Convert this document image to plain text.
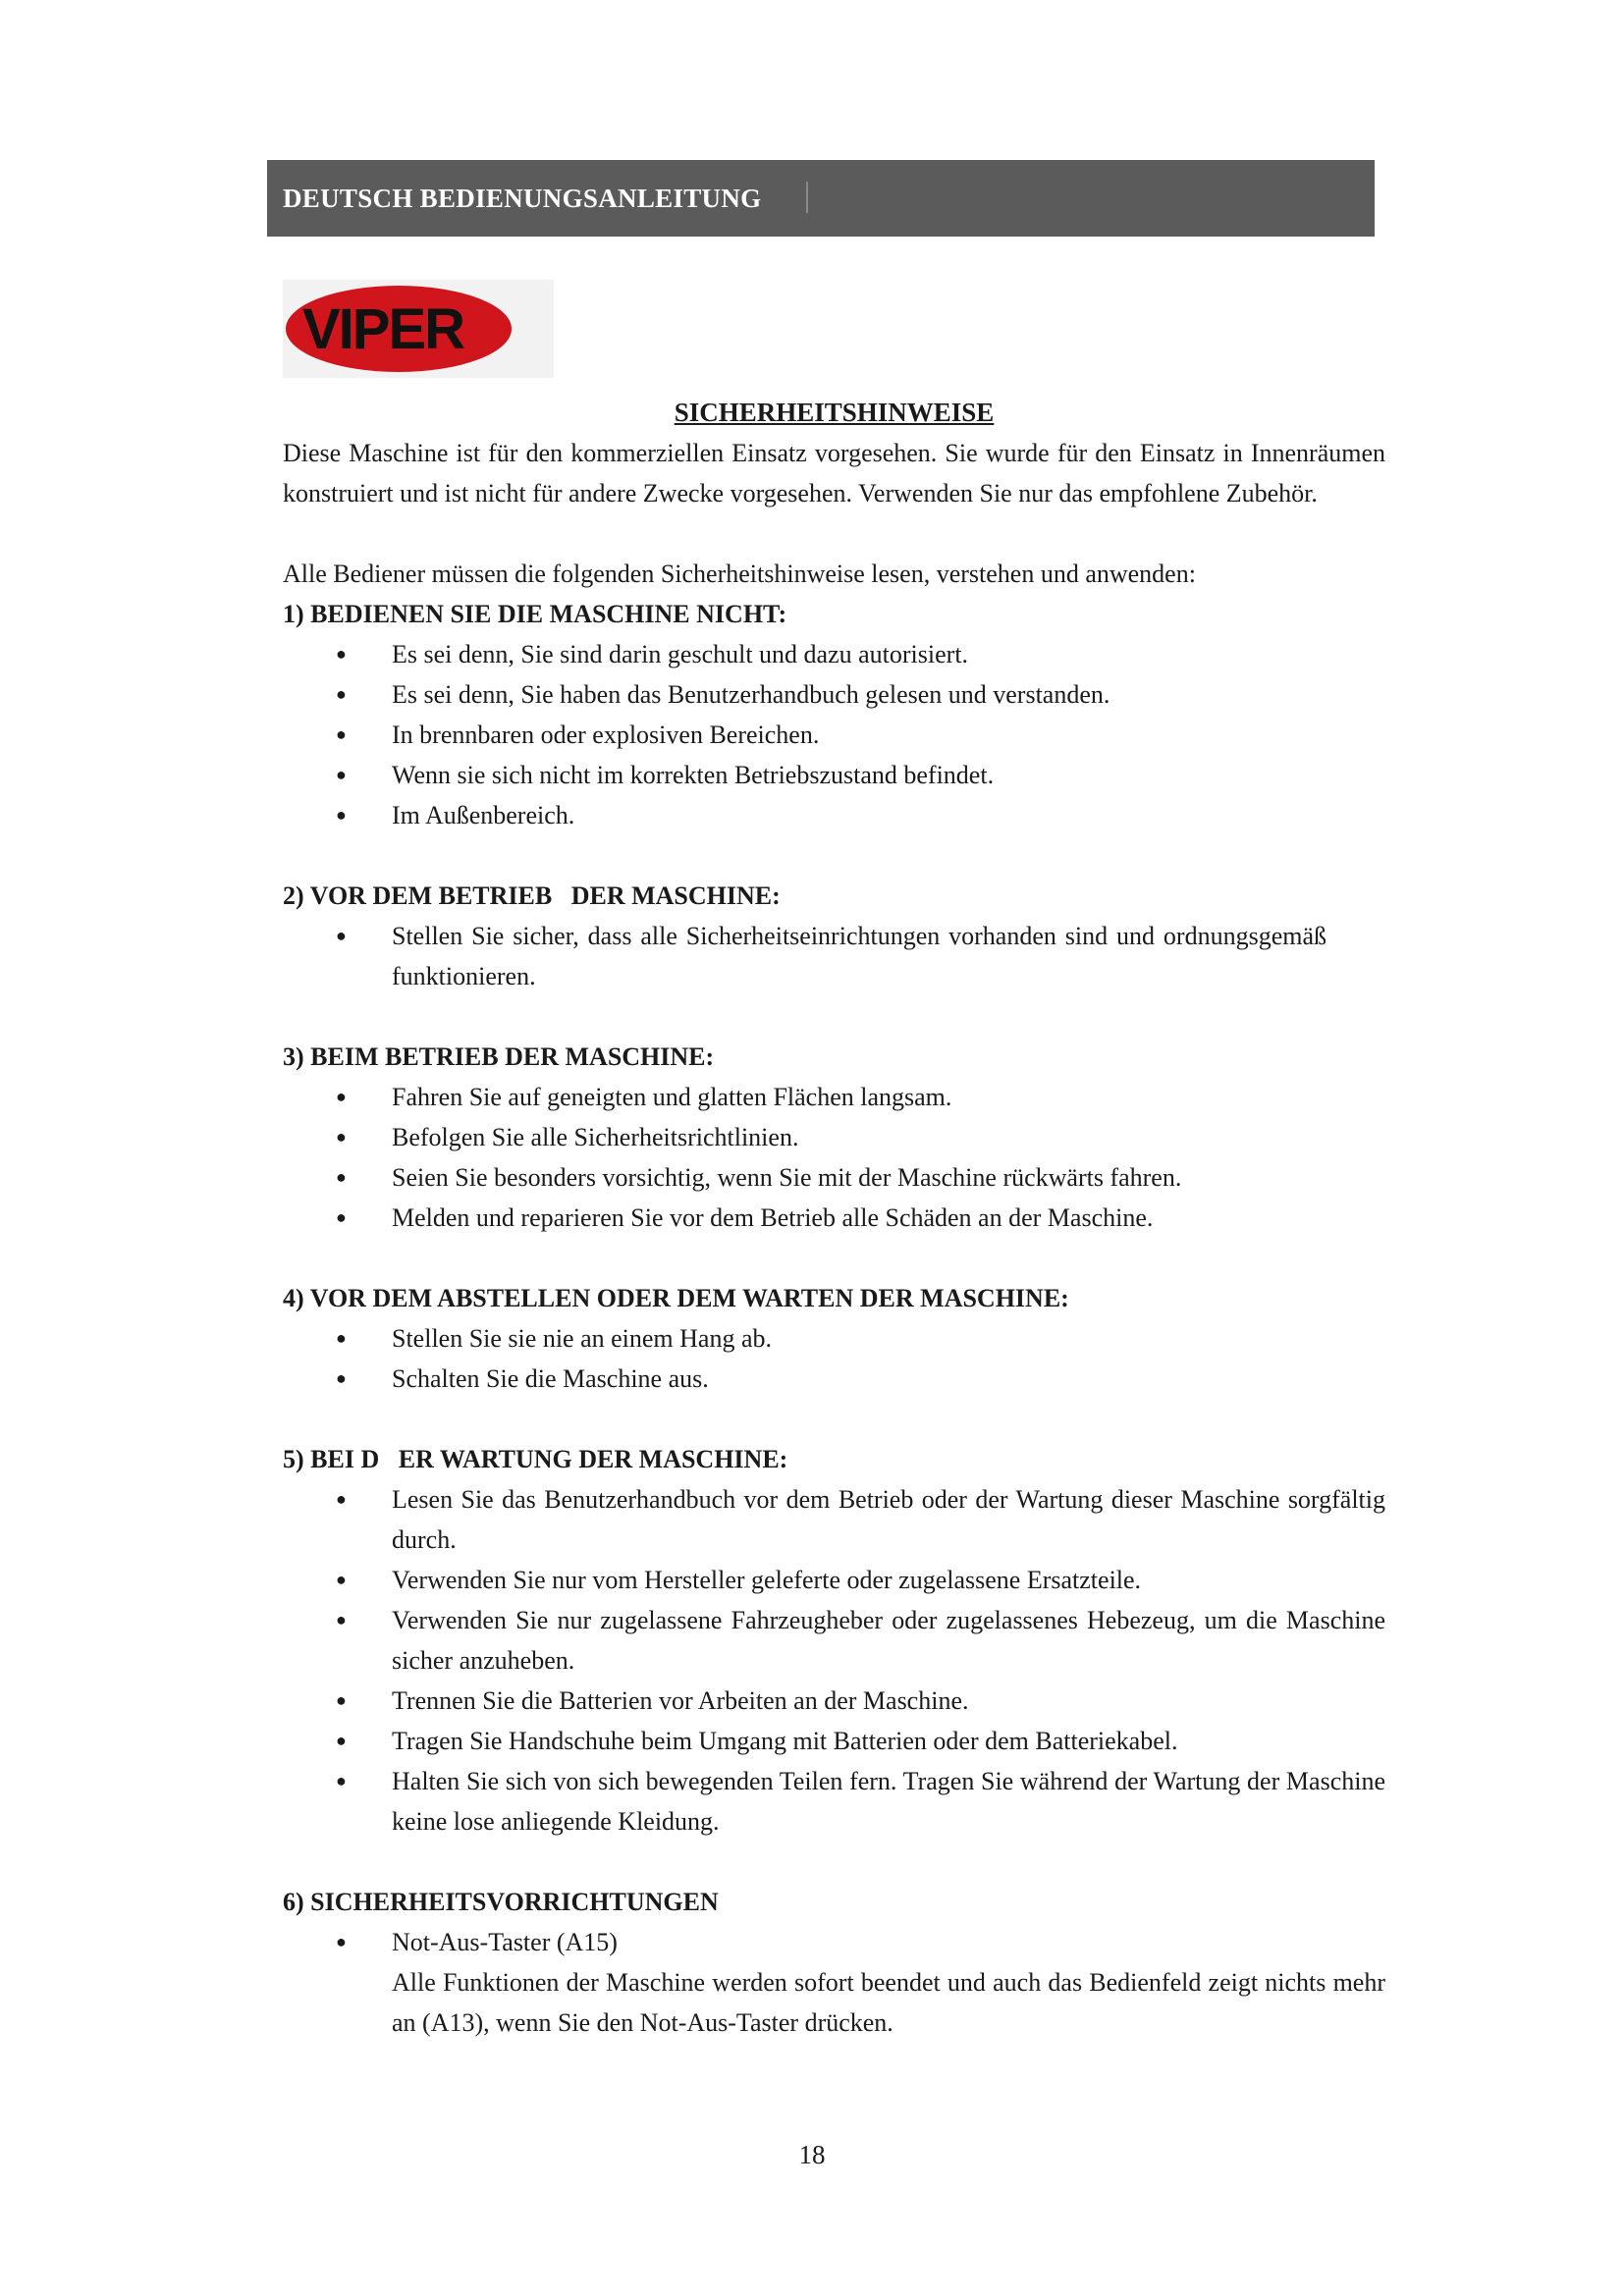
DEUTSCH BEDIENUNGSANLEITUNG
VIPER

SICHERHEITSHINWEISE

Diese Maschine ist für den kommerziellen Einsatz vorgesehen. Sie wurde für den Einsatz in Innenräumen konstruiert und ist nicht für andere Zwecke vorgesehen. Verwenden Sie nur das empfohlene Zubehör.

Alle Bediener müssen die folgenden Sicherheitshinweise lesen, verstehen und anwenden:

1) BEDIENEN SIE DIE MASCHINE NICHT:

● Es sei denn, Sie sind darin geschult und dazu autorisiert.
● Es sei denn, Sie haben das Benutzerhandbuch gelesen und verstanden.
● In brennbaren oder explosiven Bereichen.
● Wenn sie sich nicht im korrekten Betriebszustand befindet.
● Im Außenbereich.

2) VOR DEM BETRIEB   DER MASCHINE:

● Stellen Sie sicher, dass alle Sicherheitseinrichtungen vorhanden sind und ordnungsgemäß funktionieren.

3) BEIM BETRIEB DER MASCHINE:

● Fahren Sie auf geneigten und glatten Flächen langsam.
● Befolgen Sie alle Sicherheitsrichtlinien.
● Seien Sie besonders vorsichtig, wenn Sie mit der Maschine rückwärts fahren.
● Melden und reparieren Sie vor dem Betrieb alle Schäden an der Maschine.

4) VOR DEM ABSTELLEN ODER DEM WARTEN DER MASCHINE:

● Stellen Sie sie nie an einem Hang ab.
● Schalten Sie die Maschine aus.

5) BEI D   ER WARTUNG DER MASCHINE:

● Lesen Sie das Benutzerhandbuch vor dem Betrieb oder der Wartung dieser Maschine sorgfältig durch.
● Verwenden Sie nur vom Hersteller geleferte oder zugelassene Ersatzteile.
● Verwenden Sie nur zugelassene Fahrzeugheber oder zugelassenes Hebezeug, um die Maschine sicher anzuheben.
● Trennen Sie die Batterien vor Arbeiten an der Maschine.
● Tragen Sie Handschuhe beim Umgang mit Batterien oder dem Batteriekabel.
● Halten Sie sich von sich bewegenden Teilen fern. Tragen Sie während der Wartung der Maschine keine lose anliegende Kleidung.

6) SICHERHEITSVORRICHTUNGEN

● Not-Aus-Taster (A15)
Alle Funktionen der Maschine werden sofort beendet und auch das Bedienfeld zeigt nichts mehr an (A13), wenn Sie den Not-Aus-Taster drücken.
18
